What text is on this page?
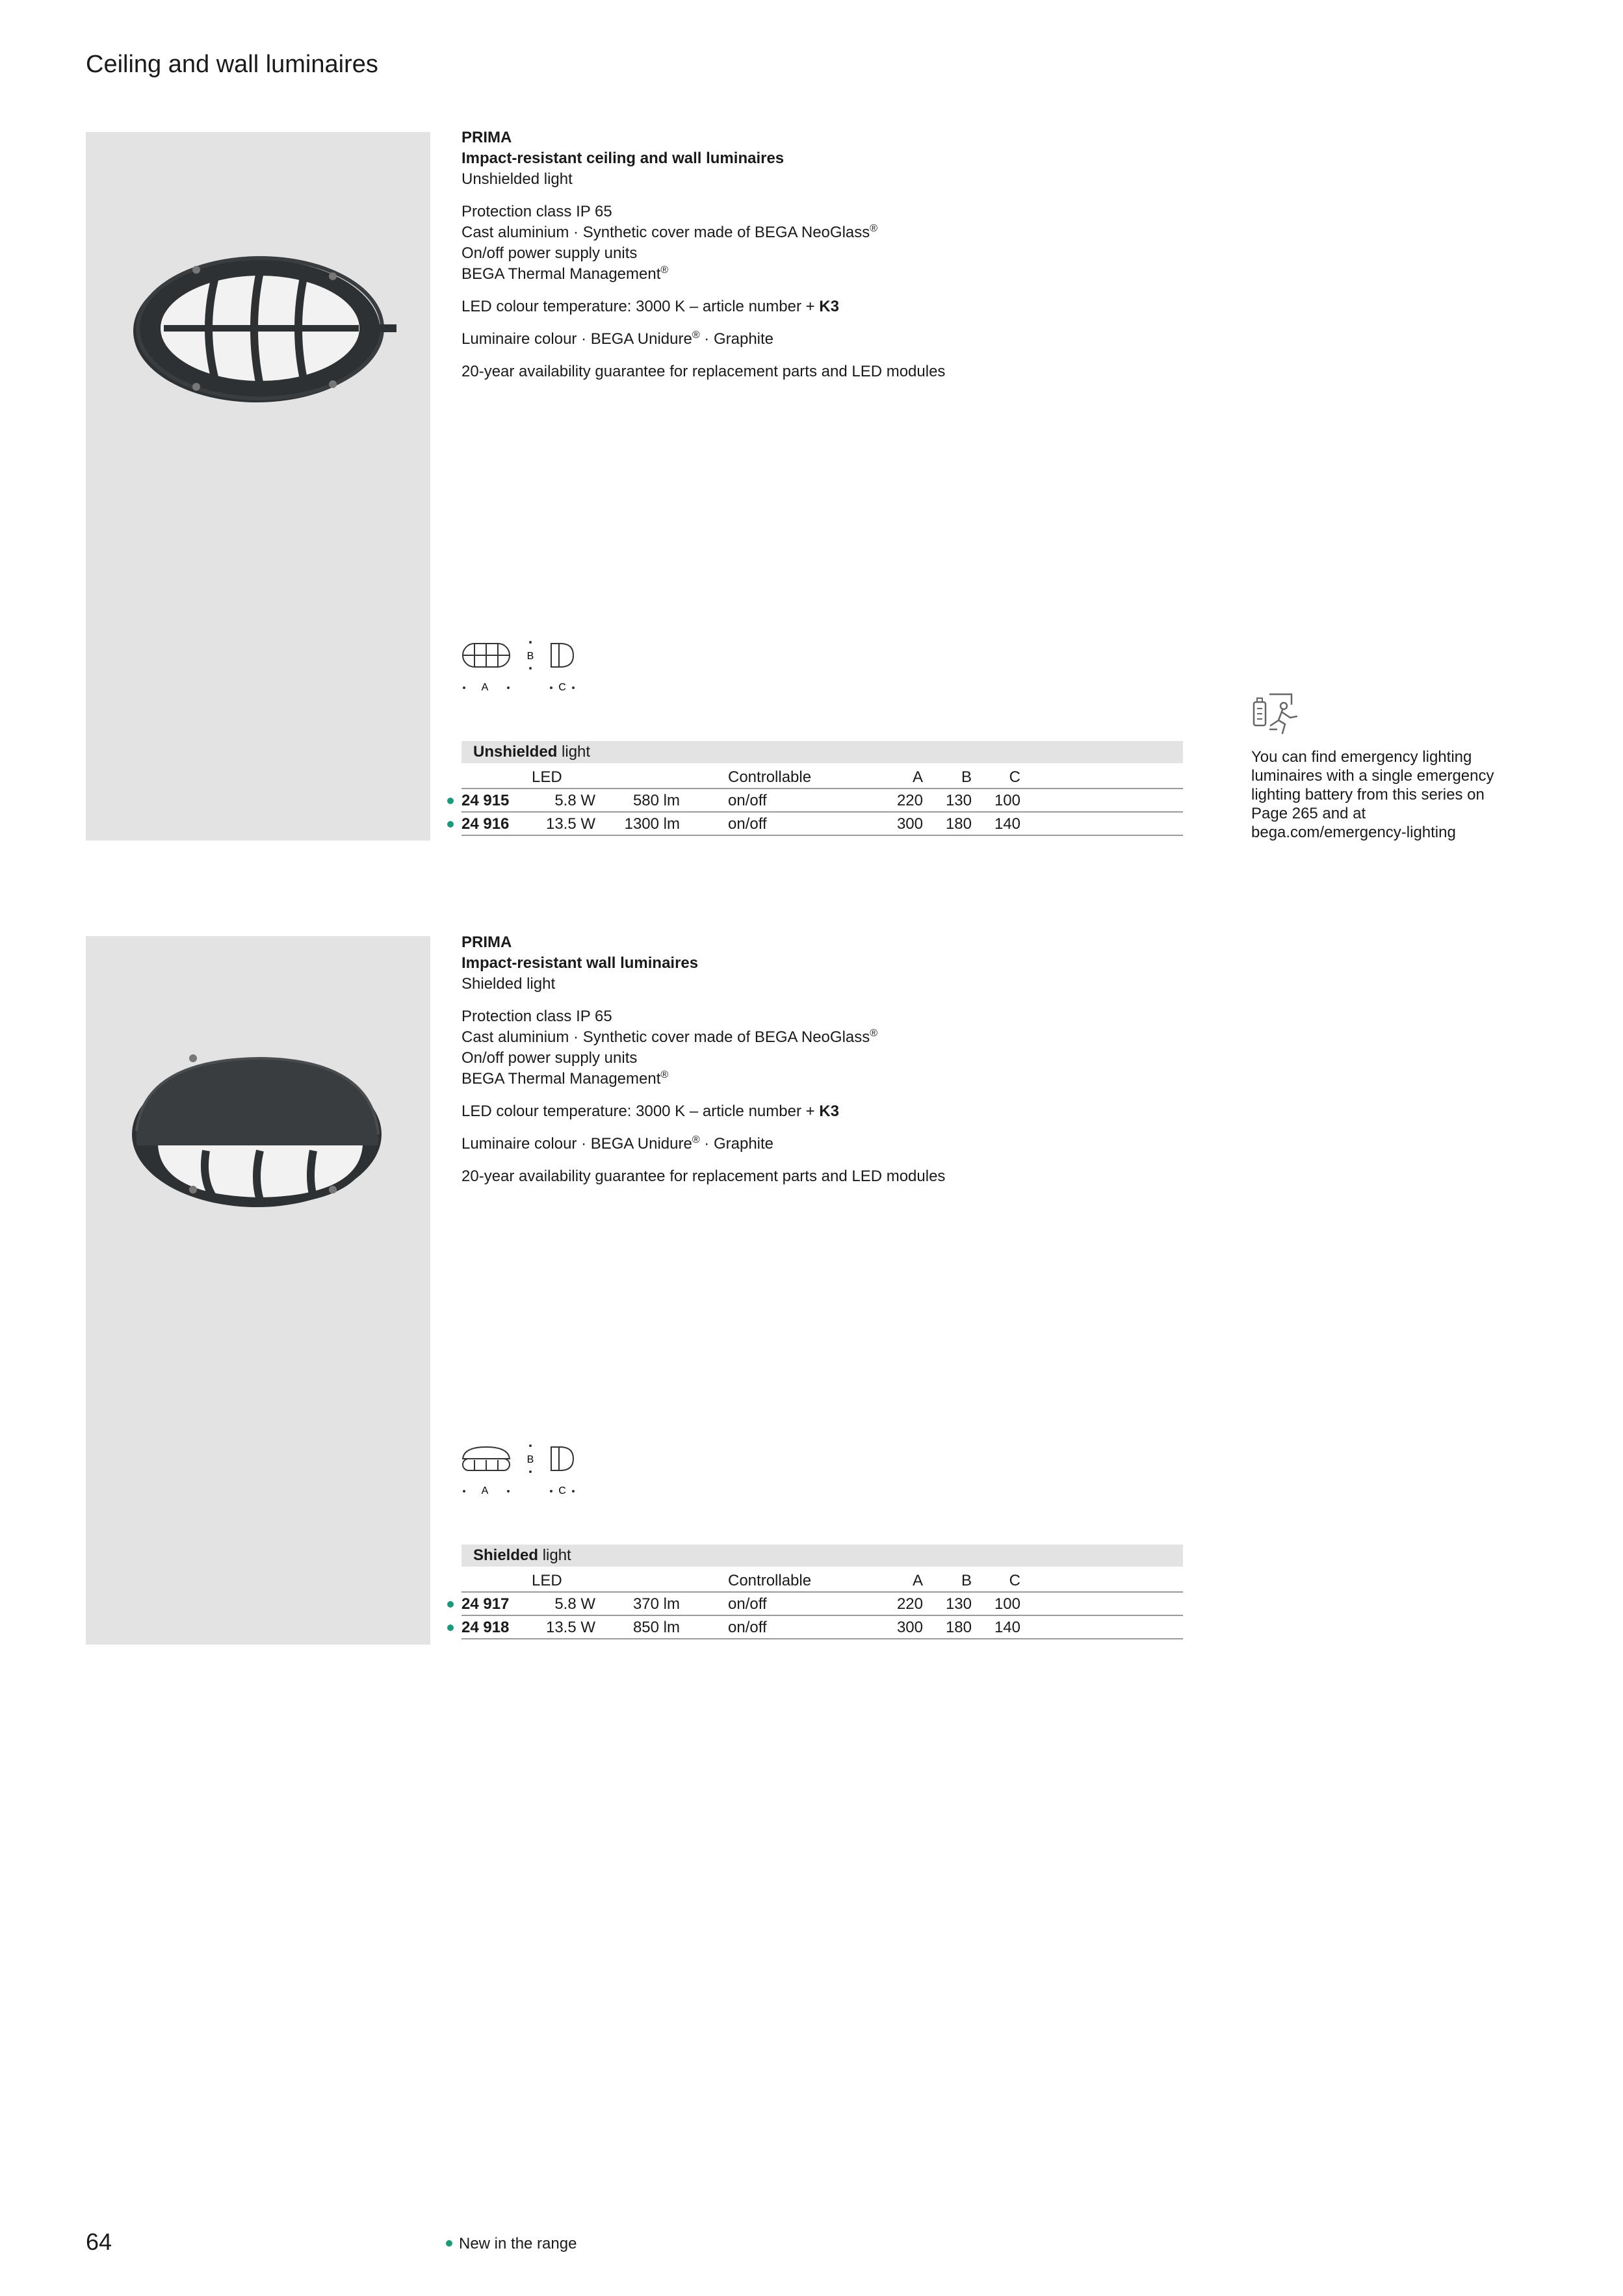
Ceiling and wall luminaires

PRIMA

Impact-resistant ceiling and wall luminaires

Unshielded light

Protection class IP 65

Cast aluminium · Synthetic cover made of BEGA NeoGlass®

On/off power supply units

BEGA Thermal Management®

LED colour temperature: 3000 K – article number + K3

Luminaire colour · BEGA Unidure® · Graphite

20-year availability guarantee for replacement parts and LED modules

A
B
C
Unshielded light
LED	Controllable	A	B	C
24 915	5.8 W	580 lm	on/off	220	130	100
24 916	13.5 W	1300 lm	on/off	300	180	140
You can find emergency lighting
luminaires with a single emergency
lighting battery from this series on
Page 265 and at
bega.com/emergency-lighting

PRIMA

Impact-resistant wall luminaires

Shielded light

Protection class IP 65

Cast aluminium · Synthetic cover made of BEGA NeoGlass®

On/off power supply units

BEGA Thermal Management®

LED colour temperature: 3000 K – article number + K3

Luminaire colour · BEGA Unidure® · Graphite

20-year availability guarantee for replacement parts and LED modules

A
B
C
Shielded light
LED	Controllable	A	B	C
24 917	5.8 W	370 lm	on/off	220	130	100
24 918	13.5 W	850 lm	on/off	300	180	140
64	New in the range
